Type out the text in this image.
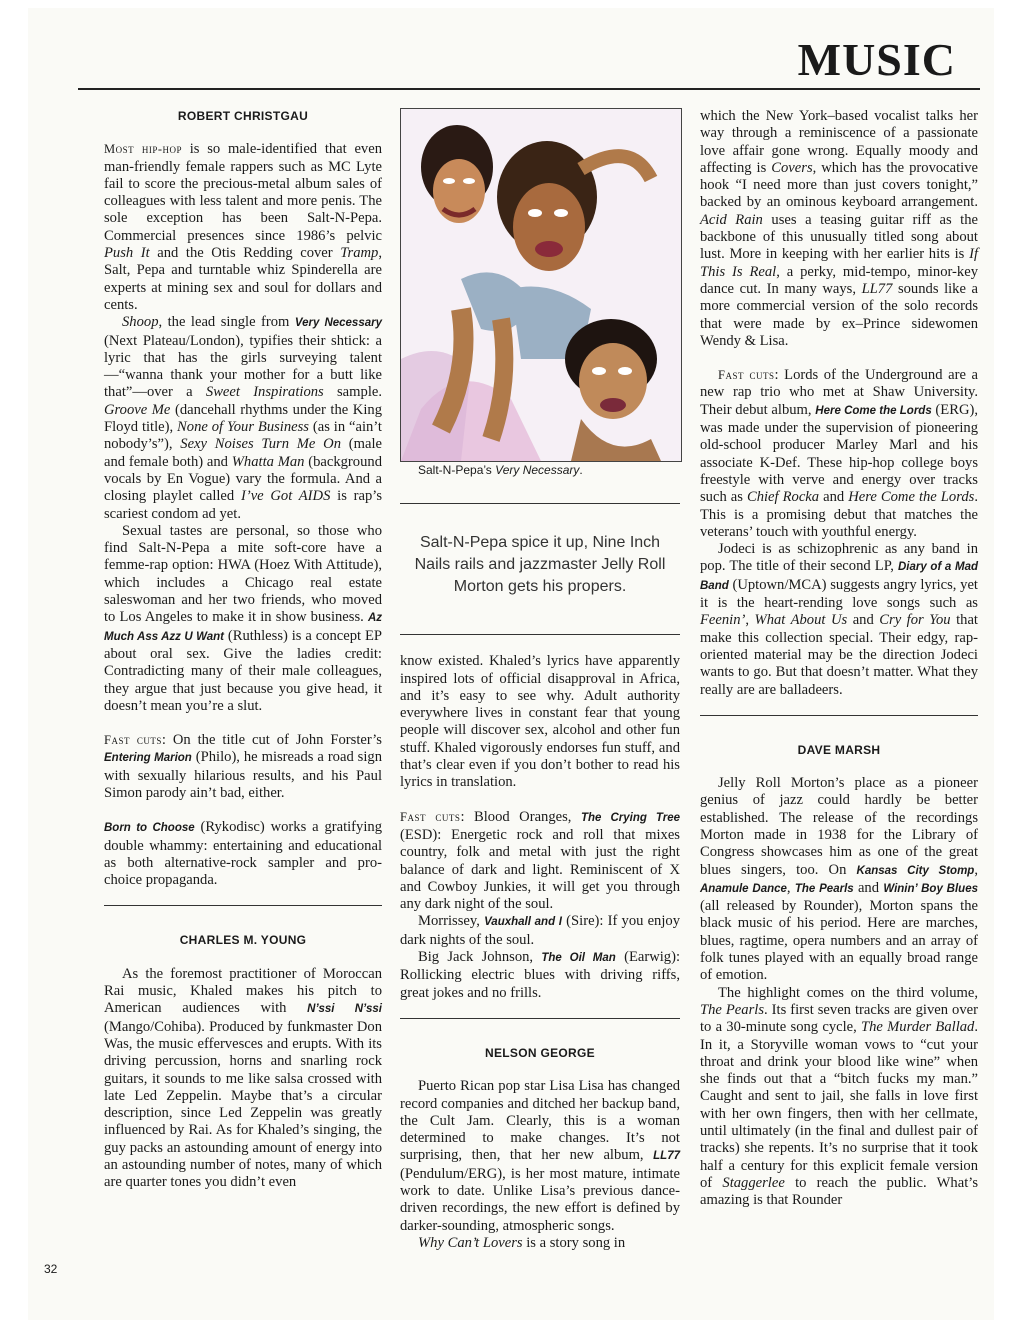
MUSIC
ROBERT CHRISTGAU

Most hip-hop is so male-identified that even man-friendly female rappers such as MC Lyte fail to score the precious-metal album sales of colleagues with less talent and more penis. The sole exception has been Salt-N-Pepa. Commercial presences since 1986’s pelvic Push It and the Otis Redding cover Tramp, Salt, Pepa and turntable whiz Spinderella are experts at mining sex and soul for dollars and cents.

Shoop, the lead single from Very Necessary (Next Plateau/London), typifies their shtick: a lyric that has the girls surveying talent—“wanna thank your mother for a butt like that”—over a Sweet Inspirations sample. Groove Me (dancehall rhythms under the King Floyd title), None of Your Business (as in “ain’t nobody’s”), Sexy Noises Turn Me On (male and female both) and Whatta Man (background vocals by En Vogue) vary the formula. And a closing playlet called I’ve Got AIDS is rap’s scariest condom ad yet.

Sexual tastes are personal, so those who find Salt-N-Pepa a mite soft-core have a femme-rap option: HWA (Hoez With Attitude), which includes a Chicago real estate saleswoman and her two friends, who moved to Los Angeles to make it in show business. Az Much Ass Azz U Want (Ruthless) is a concept EP about oral sex. Give the ladies credit: Contradicting many of their male colleagues, they argue that just because you give head, it doesn’t mean you’re a slut.

Fast cuts: On the title cut of John Forster’s Entering Marion (Philo), he misreads a road sign with sexually hilarious results, and his Paul Simon parody ain’t bad, either.

Born to Choose (Rykodisc) works a gratifying double whammy: entertaining and educational as both alternative-rock sampler and pro-choice propaganda.

CHARLES M. YOUNG

As the foremost practitioner of Moroccan Rai music, Khaled makes his pitch to American audiences with N’ssi N’ssi (Mango/Cohiba). Produced by funkmaster Don Was, the music effervesces and erupts. With its driving percussion, horns and snarling rock guitars, it sounds to me like salsa crossed with late Led Zeppelin. Maybe that’s a circular description, since Led Zeppelin was greatly influenced by Rai. As for Khaled’s singing, the guy packs an astounding amount of energy into an astounding number of notes, many of which are quarter tones you didn’t even

Salt-N-Pepa’s Very Necessary.

Salt-N-Pepa spice it up, Nine Inch Nails rails and jazzmaster Jelly Roll Morton gets his propers.

know existed. Khaled’s lyrics have apparently inspired lots of official disapproval in Africa, and it’s easy to see why. Adult authority everywhere lives in constant fear that young people will discover sex, alcohol and other fun stuff. Khaled vigorously endorses fun stuff, and that’s clear even if you don’t bother to read his lyrics in translation.

Fast cuts: Blood Oranges, The Crying Tree (ESD): Energetic rock and roll that mixes country, folk and metal with just the right balance of dark and light. Reminiscent of X and Cowboy Junkies, it will get you through any dark night of the soul.

Morrissey, Vauxhall and I (Sire): If you enjoy dark nights of the soul.

Big Jack Johnson, The Oil Man (Earwig): Rollicking electric blues with driving riffs, great jokes and no frills.

NELSON GEORGE

Puerto Rican pop star Lisa Lisa has changed record companies and ditched her backup band, the Cult Jam. Clearly, this is a woman determined to make changes. It’s not surprising, then, that her new album, LL77 (Pendulum/ERG), is her most mature, intimate work to date. Unlike Lisa’s previous dance-driven recordings, the new effort is defined by darker-sounding, atmospheric songs.

Why Can’t Lovers is a story song in

which the New York–based vocalist talks her way through a reminiscence of a passionate love affair gone wrong. Equally moody and affecting is Covers, which has the provocative hook “I need more than just covers tonight,” backed by an ominous keyboard arrangement. Acid Rain uses a teasing guitar riff as the backbone of this unusually titled song about lust. More in keeping with her earlier hits is If This Is Real, a perky, mid-tempo, minor-key dance cut. In many ways, LL77 sounds like a more commercial version of the solo records that were made by ex–Prince sidewomen Wendy & Lisa.

Fast cuts: Lords of the Underground are a new rap trio who met at Shaw University. Their debut album, Here Come the Lords (ERG), was made under the supervision of pioneering old-school producer Marley Marl and his associate K-Def. These hip-hop college boys freestyle with verve and energy over tracks such as Chief Rocka and Here Come the Lords. This is a promising debut that matches the veterans’ touch with youthful energy.

Jodeci is as schizophrenic as any band in pop. The title of their second LP, Diary of a Mad Band (Uptown/MCA) suggests angry lyrics, yet it is the heart-rending love songs such as Feenin’, What About Us and Cry for You that make this collection special. Their edgy, rap-oriented material may be the direction Jodeci wants to go. But that doesn’t matter. What they really are are balladeers.

DAVE MARSH

Jelly Roll Morton’s place as a pioneer genius of jazz could hardly be better established. The release of the recordings Morton made in 1938 for the Library of Congress showcases him as one of the great blues singers, too. On Kansas City Stomp, Anamule Dance, The Pearls and Winin’ Boy Blues (all released by Rounder), Morton spans the black music of his period. Here are marches, blues, ragtime, opera numbers and an array of folk tunes played with an equally broad range of emotion.

The highlight comes on the third volume, The Pearls. Its first seven tracks are given over to a 30-minute song cycle, The Murder Ballad. In it, a Storyville woman vows to “cut your throat and drink your blood like wine” when she finds out that a “bitch fucks my man.” Caught and sent to jail, she falls in love first with her own fingers, then with her cellmate, until ultimately (in the final and dullest pair of tracks) she repents. It’s no surprise that it took half a century for this explicit female version of Staggerlee to reach the public. What’s amazing is that Rounder

32
